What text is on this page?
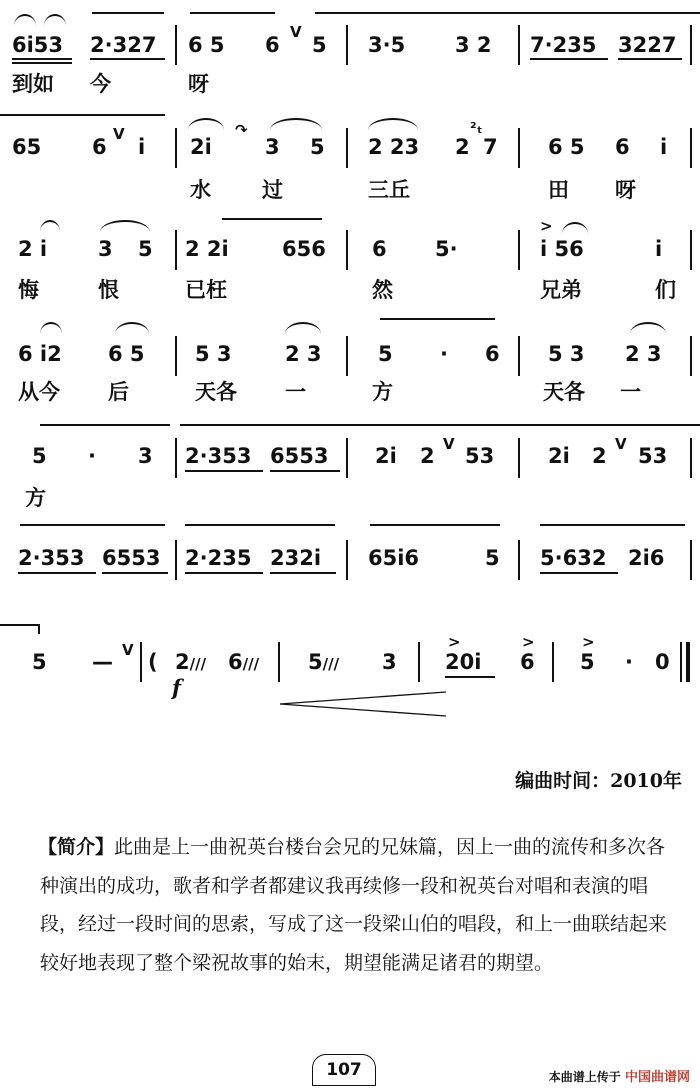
6i53 2·327 6 5 6
V
5 3·5 3 2 7·235 3227
到如 今	呀
65 6
V
i 2i
↷
3 5 2 23 2
²ₜ
7 6 5 6 i
水 过	三丘	田 呀
2 i 3 5 2 2i	656 6 5·
>
i 56	i
悔	恨	已枉	然	兄弟	们
6 i2 6 5 5 3	2 3	5 · 6 5 3 2 3
从今 后	天各 一	方	天各 一
5 · 3 2·353 6553 2i 2 V 53	2i 2 V 53
方
2·353 6553 2·235 232i 65i6	5 5·632 2i6
5 — V ( 2///
f
6/// 5/// 3
>
20i
>
6
>
5 · 0
编曲时间：2010年
【简介】此曲是上一曲祝英台楼台会兄的兄妹篇，因上一曲的流传和多次各种演出的成功，歌者和学者都建议我再续修一段和祝英台对唱和表演的唱段，经过一段时间的思索，写成了这一段梁山伯的唱段，和上一曲联结起来较好地表现了整个梁祝故事的始末，期望能满足诸君的期望。
107	本曲谱上传于 中国曲谱网
